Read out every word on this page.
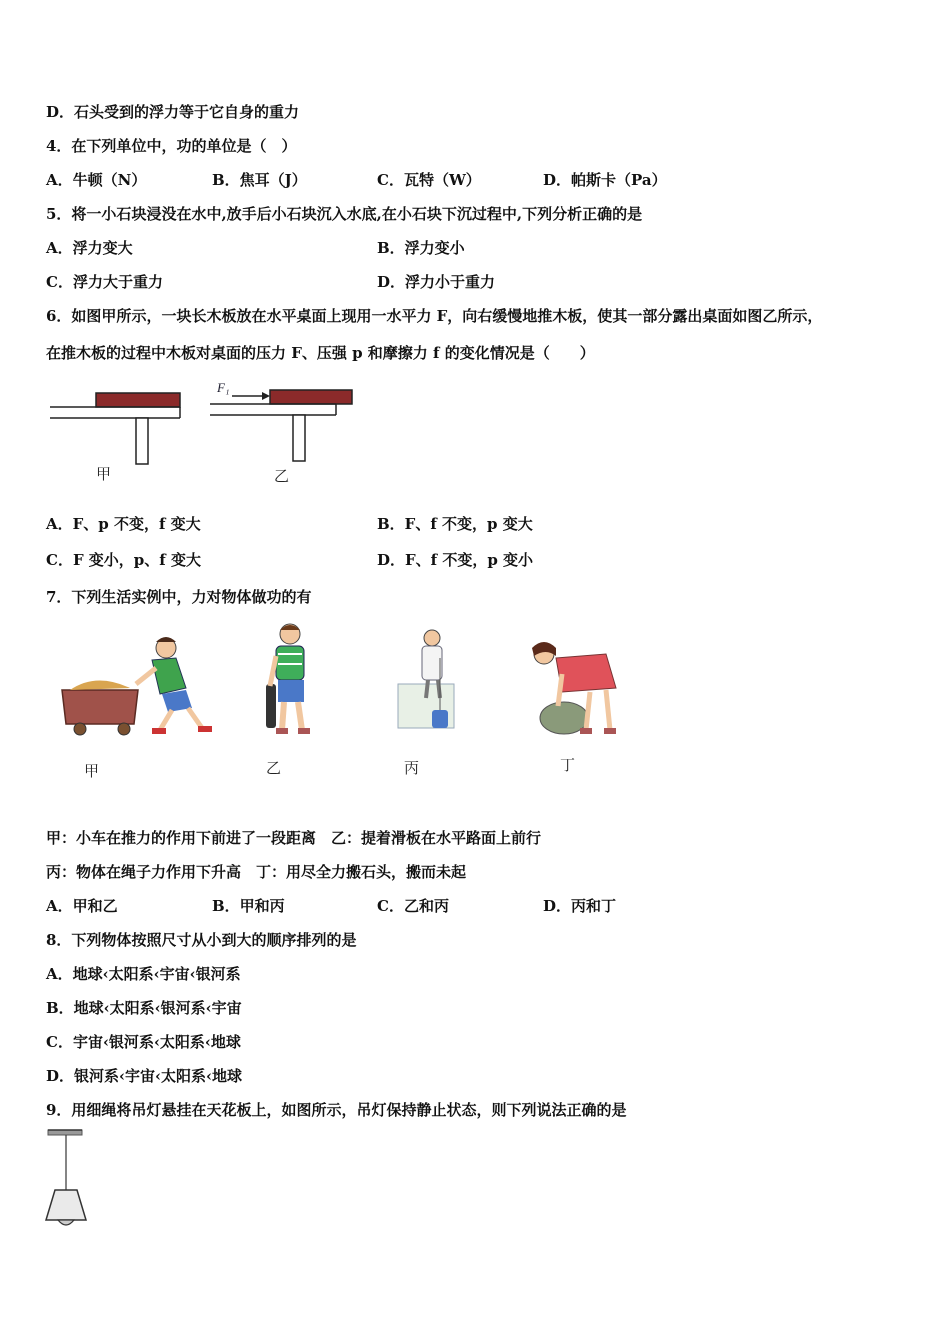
D．石头受到的浮力等于它自身的重力
4．在下列单位中，功的单位是（　）
A．牛顿（N）	B．焦耳（J）	C．瓦特（W）	D．帕斯卡（Pa）
5．将一小石块浸没在水中,放手后小石块沉入水底,在小石块下沉过程中,下列分析正确的是
A．浮力变大	B．浮力变小
C．浮力大于重力	D．浮力小于重力
6．如图甲所示，一块长木板放在水平桌面上现用一水平力 F，向右缓慢地推木板，使其一部分露出桌面如图乙所示，
在推木板的过程中木板对桌面的压力 F、压强 p 和摩擦力 f 的变化情况是（　　）
甲
F₁
乙
A．F、p 不变，f 变大	B．F、f 不变，p 变大
C．F 变小，p、f 变大	D．F、f 不变，p 变小
7．下列生活实例中，力对物体做功的有
甲	乙	丙	丁
甲：小车在推力的作用下前进了一段距离　乙：提着滑板在水平路面上前行
丙：物体在绳子力作用下升高　丁：用尽全力搬石头，搬而未起
A．甲和乙	B．甲和丙	C．乙和丙	D．丙和丁
8．下列物体按照尺寸从小到大的顺序排列的是
A．地球‹太阳系‹宇宙‹银河系
B．地球‹太阳系‹银河系‹宇宙
C．宇宙‹银河系‹太阳系‹地球
D．银河系‹宇宙‹太阳系‹地球
9．用细绳将吊灯悬挂在天花板上，如图所示，吊灯保持静止状态，则下列说法正确的是
